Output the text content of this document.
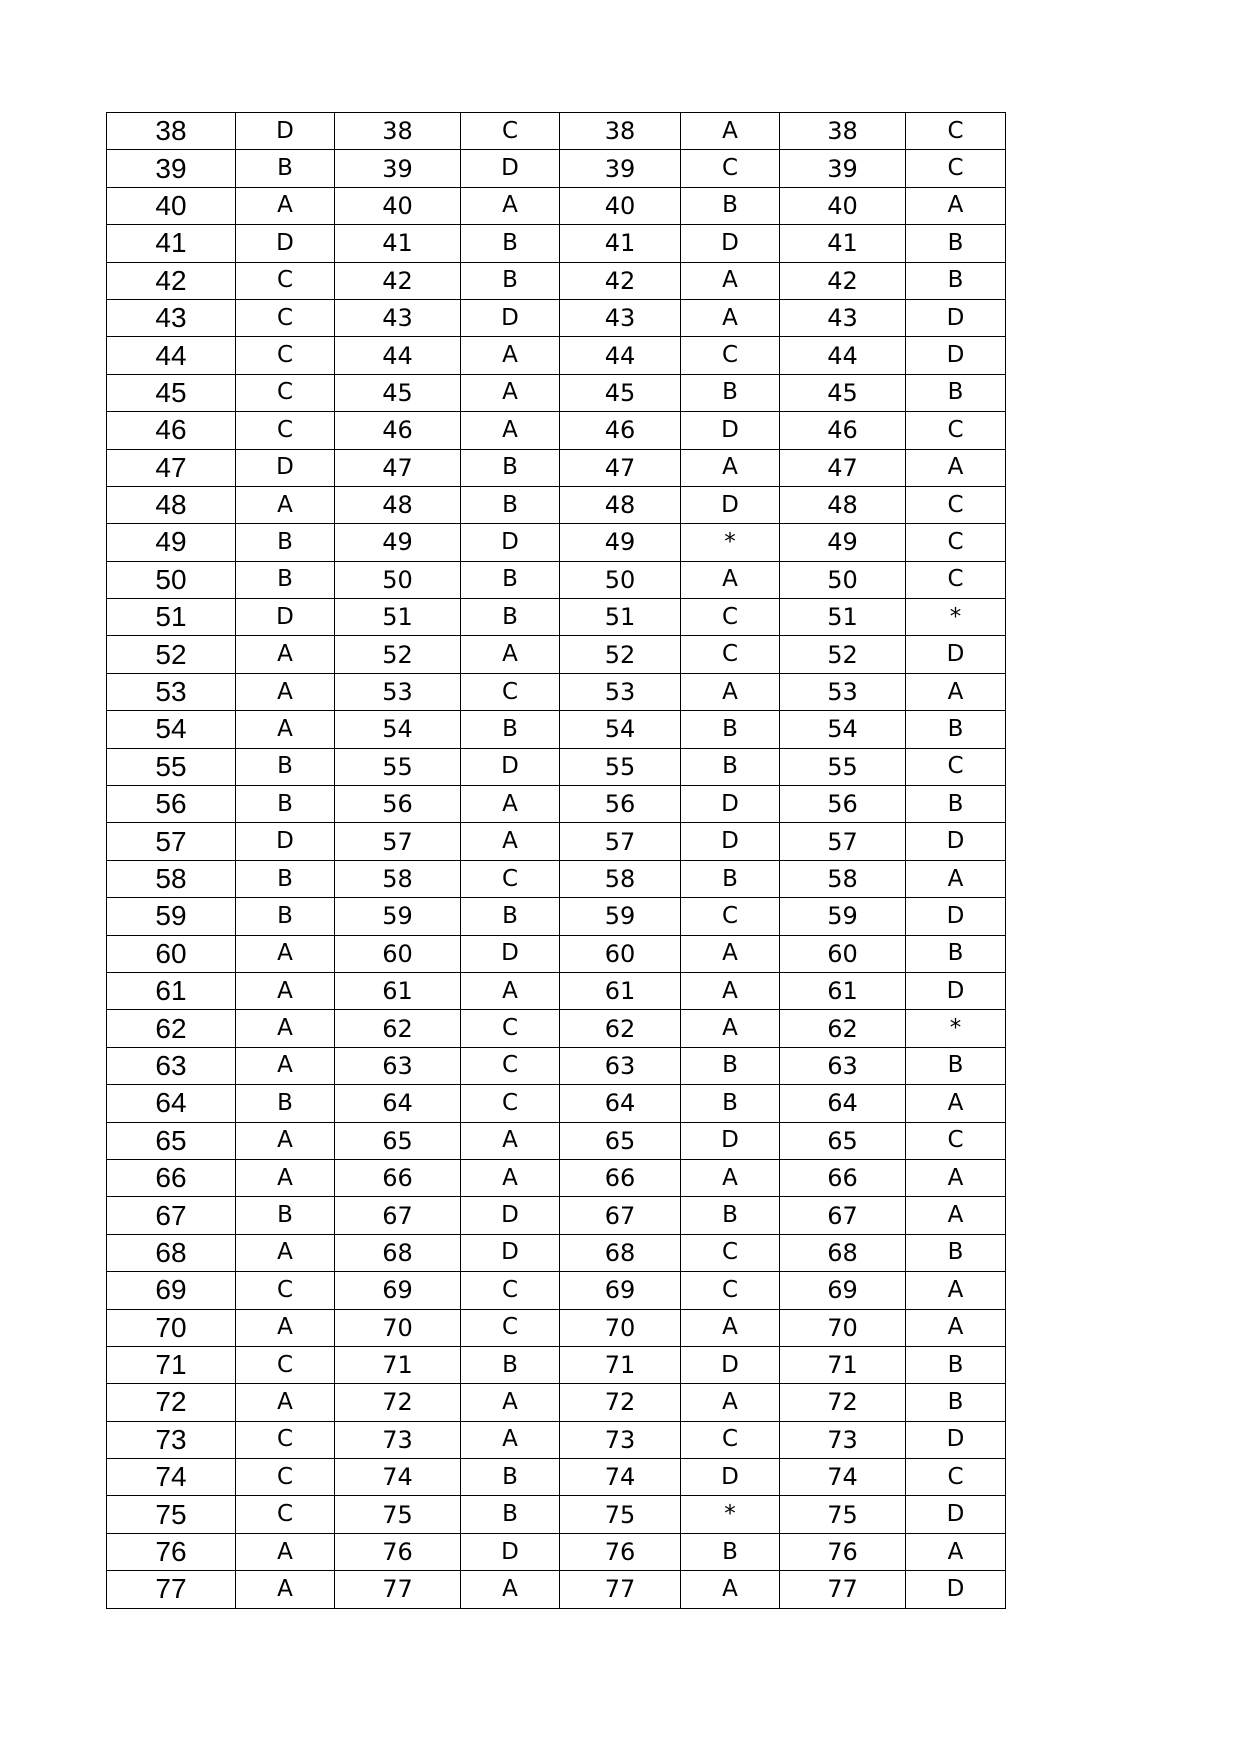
38	D	38	C	38	A	38	C
39	B	39	D	39	C	39	C
40	A	40	A	40	B	40	A
41	D	41	B	41	D	41	B
42	C	42	B	42	A	42	B
43	C	43	D	43	A	43	D
44	C	44	A	44	C	44	D
45	C	45	A	45	B	45	B
46	C	46	A	46	D	46	C
47	D	47	B	47	A	47	A
48	A	48	B	48	D	48	C
49	B	49	D	49	*	49	C
50	B	50	B	50	A	50	C
51	D	51	B	51	C	51	*
52	A	52	A	52	C	52	D
53	A	53	C	53	A	53	A
54	A	54	B	54	B	54	B
55	B	55	D	55	B	55	C
56	B	56	A	56	D	56	B
57	D	57	A	57	D	57	D
58	B	58	C	58	B	58	A
59	B	59	B	59	C	59	D
60	A	60	D	60	A	60	B
61	A	61	A	61	A	61	D
62	A	62	C	62	A	62	*
63	A	63	C	63	B	63	B
64	B	64	C	64	B	64	A
65	A	65	A	65	D	65	C
66	A	66	A	66	A	66	A
67	B	67	D	67	B	67	A
68	A	68	D	68	C	68	B
69	C	69	C	69	C	69	A
70	A	70	C	70	A	70	A
71	C	71	B	71	D	71	B
72	A	72	A	72	A	72	B
73	C	73	A	73	C	73	D
74	C	74	B	74	D	74	C
75	C	75	B	75	*	75	D
76	A	76	D	76	B	76	A
77	A	77	A	77	A	77	D
